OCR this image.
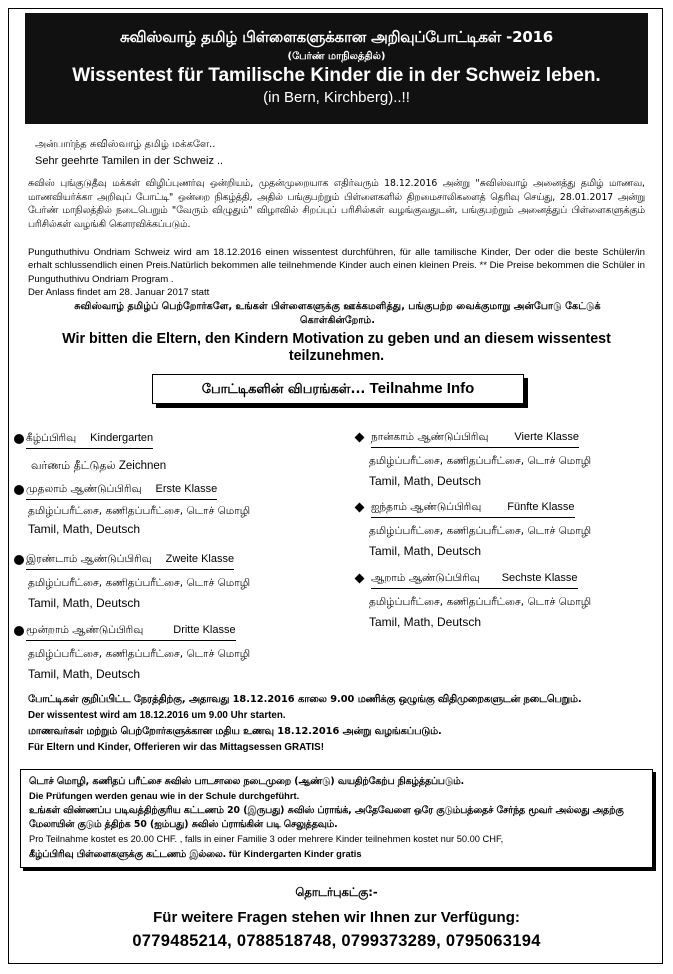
சுவிஸ்வாழ் தமிழ் பிள்ளைகளுக்கான அறிவுப்போட்டிகள் -2016
(பேர்ண் மாநிலத்தில்)
Wissentest für Tamilische Kinder die in der Schweiz leben.
(in Bern, Kirchberg)..!!
அன்பார்ந்த சுவிஸ்வாழ் தமிழ் மக்களே..
Sehr geehrte Tamilen in der Schweiz ..
சுவிஸ் புங்குடுதீவு மக்கள் விழிப்புணர்வு ஒன்றியம், முதன்முறையாக எதிர்வரும் 18.12.2016 அன்று "சுவிஸ்வாழ் அனைத்து தமிழ் மாணவ, மாணவியர்க்கா அறிவுப் போட்டி" ஒன்றை நிகழ்த்தி, அதில் பங்குபற்றும் பிள்ளைகளில் திறமைசாலிகளைத் தெரிவு செய்து, 28.01.2017 அன்று பேர்ண் மாநிலத்தில் நடைபெறும் "வேரும் விழுதும்" விழாவில் சிறப்புப் பரிசில்கள் வழங்குவதுடன், பங்குபற்றும் அனைத்துப் பிள்ளைகளுக்கும் பரிசில்கள் வழங்கி கௌரவிக்கப்படும்.
Punguthuthivu Ondriam Schweiz wird am 18.12.2016 einen wissentest durchführen, für alle tamilische Kinder, Der oder die beste Schüler/in erhalt schlussendlich einen Preis.Natürlich bekommen alle teilnehmende Kinder auch einen kleinen Preis. ** Die Preise bekommen die Schüler in Punguthuthivu Ondriam Program .
Der Anlass findet am 28. Januar 2017 statt
சுவிஸ்வாழ் தமிழ்ப் பெற்றோர்களே, உங்கள் பிள்ளைகளுக்கு ஊக்கமளித்து, பங்குபற்ற வைக்குமாறு அன்போடு கேட்டுக் கொள்கின்றோம்.
Wir bitten die Eltern, den Kindern Motivation zu geben und an diesem wissentest teilzunehmen.
போட்டிகளின் விபரங்கள்... Teilnahme Info
கீழ்ப்பிரிவு Kindergarten
வர்ணம் தீட்டுதல் Zeichnen
முதலாம் ஆண்டுப்பிரிவு Erste Klasse
தமிழ்ப்பரீட்சை, கணிதப்பரீட்சை, டொச் மொழி
Tamil, Math, Deutsch
இரண்டாம் ஆண்டுப்பிரிவு Zweite Klasse
தமிழ்ப்பரீட்சை, கணிதப்பரீட்சை, டொச் மொழி
Tamil, Math, Deutsch
மூன்றாம் ஆண்டுப்பிரிவு	Dritte Klasse
தமிழ்ப்பரீட்சை, கணிதப்பரீட்சை, டொச் மொழி
Tamil, Math, Deutsch
நான்காம் ஆண்டுப்பிரிவு Vierte Klasse
தமிழ்ப்பரீட்சை, கணிதப்பரீட்சை, டொச் மொழி
Tamil, Math, Deutsch
ஐந்தாம் ஆண்டுப்பிரிவு Fünfte Klasse
தமிழ்ப்பரீட்சை, கணிதப்பரீட்சை, டொச் மொழி
Tamil, Math, Deutsch
ஆறாம் ஆண்டுப்பிரிவு Sechste Klasse
தமிழ்ப்பரீட்சை, கணிதப்பரீட்சை, டொச் மொழி
Tamil, Math, Deutsch
போட்டிகள் குறிப்பிட்ட நேரத்திற்கு, அதாவது 18.12.2016 காலை 9.00 மணிக்கு ஒழுங்கு விதிமுறைகளுடன் நடைபெறும்.
Der wissentest wird am 18.12.2016 um 9.00 Uhr starten.
மாணவர்கள் மற்றும் பெற்றோர்களுக்கான மதிய உணவு 18.12.2016 அன்று வழங்கப்படும்.
Für Eltern und Kinder, Offerieren wir das Mittagsessen GRATIS!
டொச் மொழி, கணிதப் பரீட்சை சுவிஸ் பாடசாலை நடைமுறை (ஆண்டு) வயதிற்கேற்ப நிகழ்த்தப்படும்.
Die Prüfungen werden genau wie in der Schule durchgeführt.
உங்கள் விண்ணப்ப படிவத்திற்குரிய கட்டணம் 20 (இருபது) சுவிஸ் ப்ராங்க், அதேவேளை ஒரே குடும்பத்தைச் சேர்ந்த மூவர் அல்லது அதற்கு மேலாயின் குடும் த்திற்க 50 (ஐம்பது) சுவிஸ் ப்ராங்கின் படி செலுத்தவும்.
Pro Teilnahme kostet es 20.00 CHF. , falls in einer Familie 3 oder mehrere Kinder teilnehmen kostet nur 50.00 CHF,
கீழ்ப்பிரிவு பிள்ளைகளுக்கு கட்டணம் இல்லை. für Kindergarten Kinder gratis
தொடர்புகட்கு:-
Für weitere Fragen stehen wir Ihnen zur Verfügung:
0779485214, 0788518748, 0799373289, 0795063194
